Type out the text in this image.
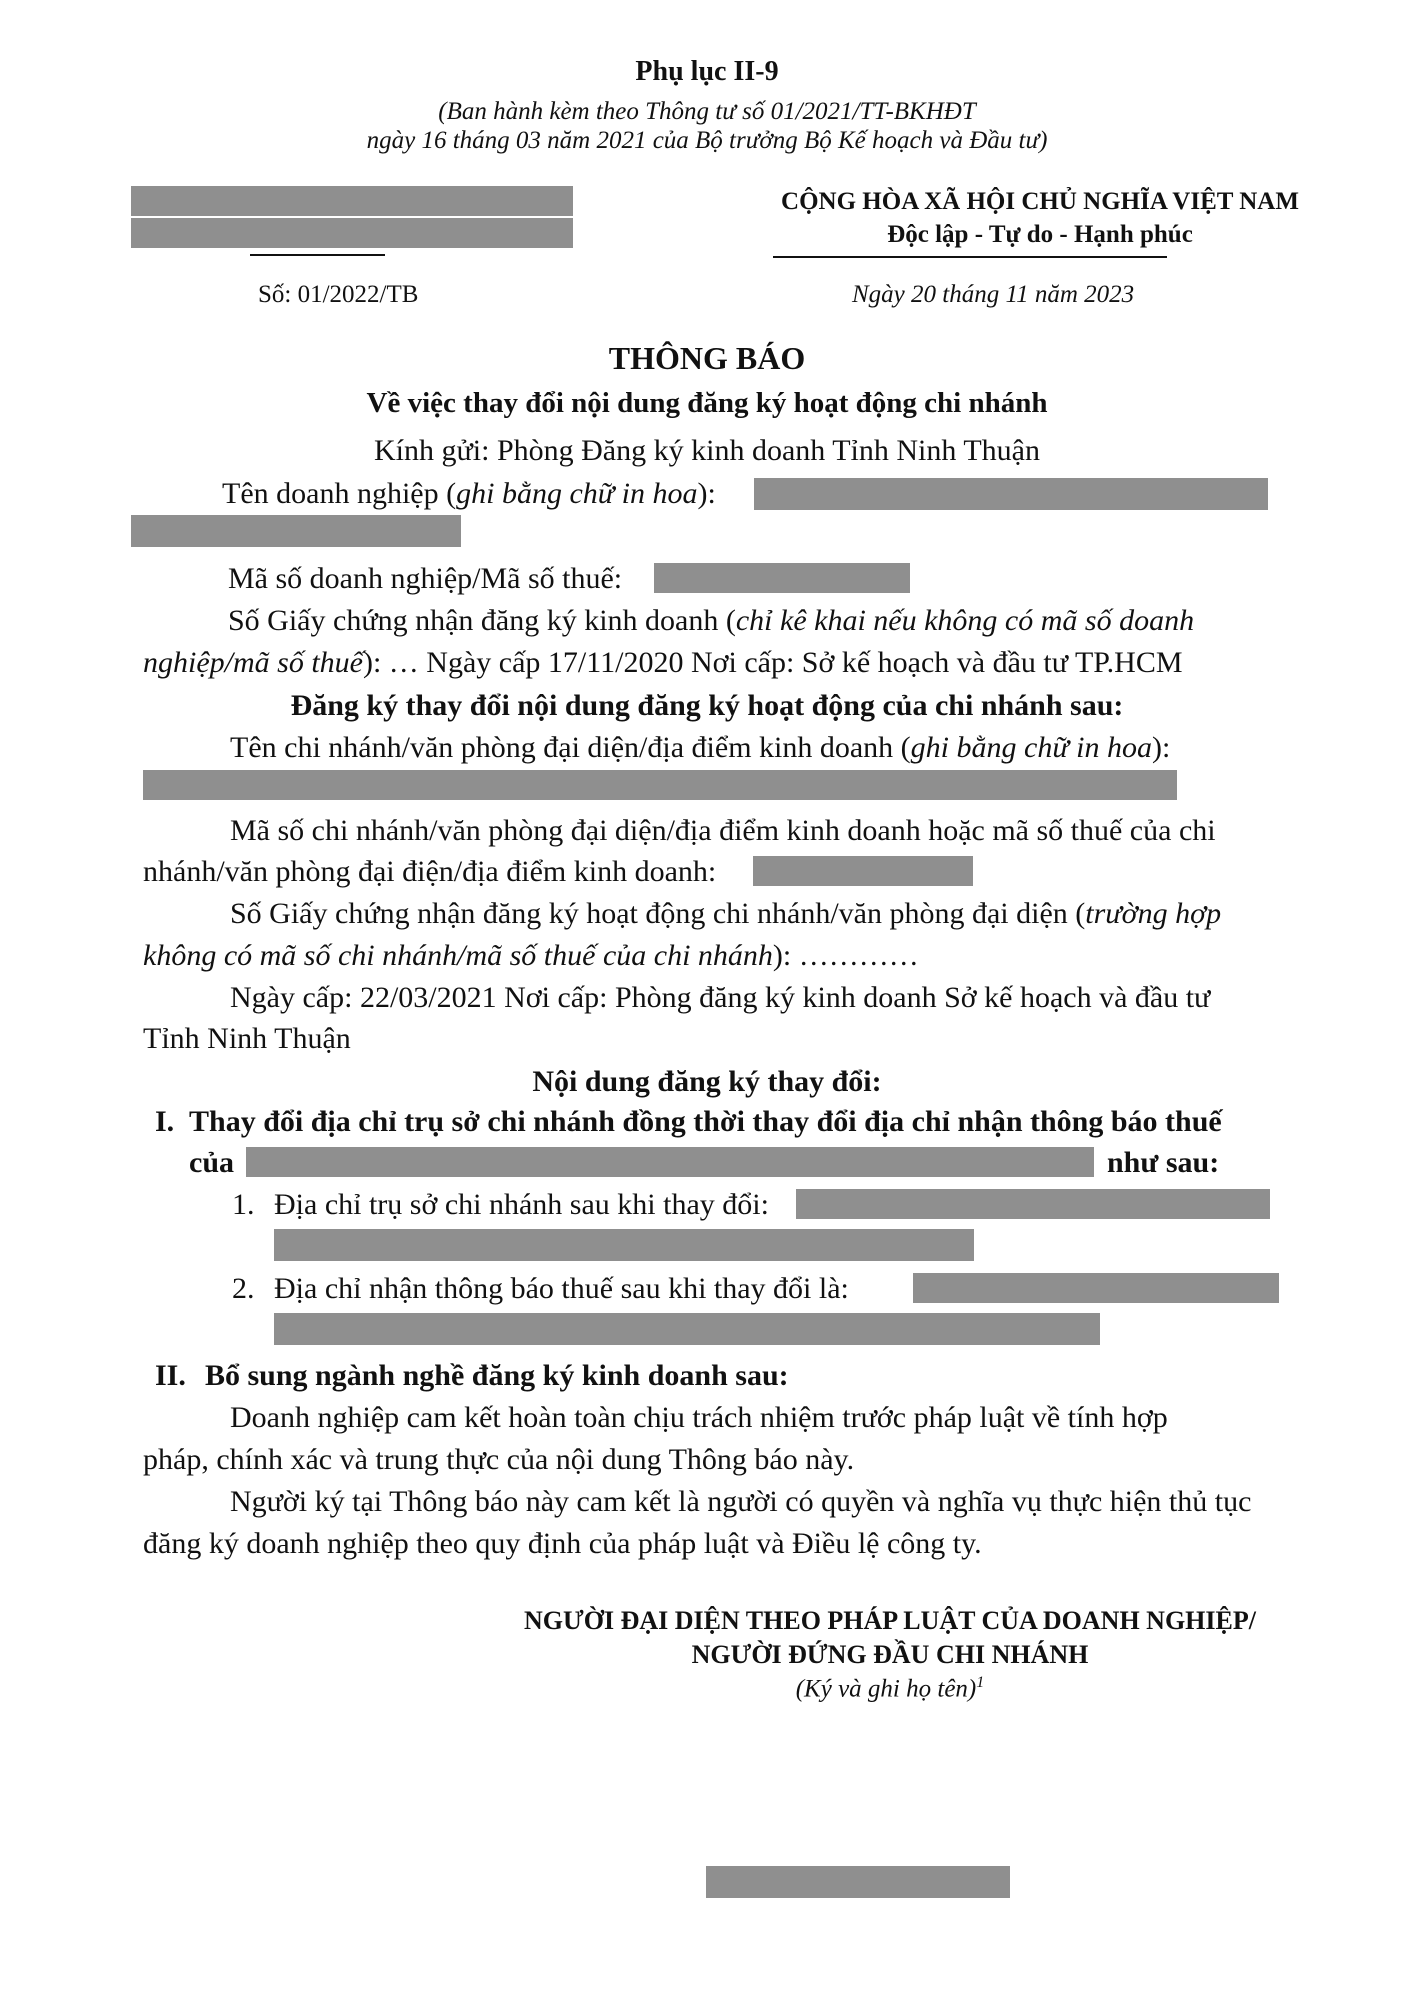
Phụ lục II-9
(Ban hành kèm theo Thông tư số 01/2021/TT-BKHĐT
ngày 16 tháng 03 năm 2021 của Bộ trưởng Bộ Kế hoạch và Đầu tư)
CỘNG HÒA XÃ HỘI CHỦ NGHĨA VIỆT NAM
Độc lập - Tự do - Hạnh phúc
Số: 01/2022/TB	Ngày 20 tháng 11 năm 2023
THÔNG BÁO
Về việc thay đổi nội dung đăng ký hoạt động chi nhánh
Kính gửi: Phòng Đăng ký kinh doanh Tỉnh Ninh Thuận
Tên doanh nghiệp (ghi bằng chữ in hoa):
Mã số doanh nghiệp/Mã số thuế:
Số Giấy chứng nhận đăng ký kinh doanh (chỉ kê khai nếu không có mã số doanh
nghiệp/mã số thuế): … Ngày cấp 17/11/2020 Nơi cấp: Sở kế hoạch và đầu tư TP.HCM
Đăng ký thay đổi nội dung đăng ký hoạt động của chi nhánh sau:
Tên chi nhánh/văn phòng đại diện/địa điểm kinh doanh (ghi bằng chữ in hoa):
Mã số chi nhánh/văn phòng đại diện/địa điểm kinh doanh hoặc mã số thuế của chi
nhánh/văn phòng đại điện/địa điểm kinh doanh:
Số Giấy chứng nhận đăng ký hoạt động chi nhánh/văn phòng đại diện (trường hợp
không có mã số chi nhánh/mã số thuế của chi nhánh): …………
Ngày cấp: 22/03/2021 Nơi cấp: Phòng đăng ký kinh doanh Sở kế hoạch và đầu tư
Tỉnh Ninh Thuận
Nội dung đăng ký thay đổi:
I. Thay đổi địa chỉ trụ sở chi nhánh đồng thời thay đổi địa chỉ nhận thông báo thuế
của	như sau:
1. Địa chỉ trụ sở chi nhánh sau khi thay đổi:
2. Địa chỉ nhận thông báo thuế sau khi thay đổi là:
II. Bổ sung ngành nghề đăng ký kinh doanh sau:
Doanh nghiệp cam kết hoàn toàn chịu trách nhiệm trước pháp luật về tính hợp
pháp, chính xác và trung thực của nội dung Thông báo này.
Người ký tại Thông báo này cam kết là người có quyền và nghĩa vụ thực hiện thủ tục
đăng ký doanh nghiệp theo quy định của pháp luật và Điều lệ công ty.
NGƯỜI ĐẠI DIỆN THEO PHÁP LUẬT CỦA DOANH NGHIỆP/
NGƯỜI ĐỨNG ĐẦU CHI NHÁNH
(Ký và ghi họ tên)$^1$
